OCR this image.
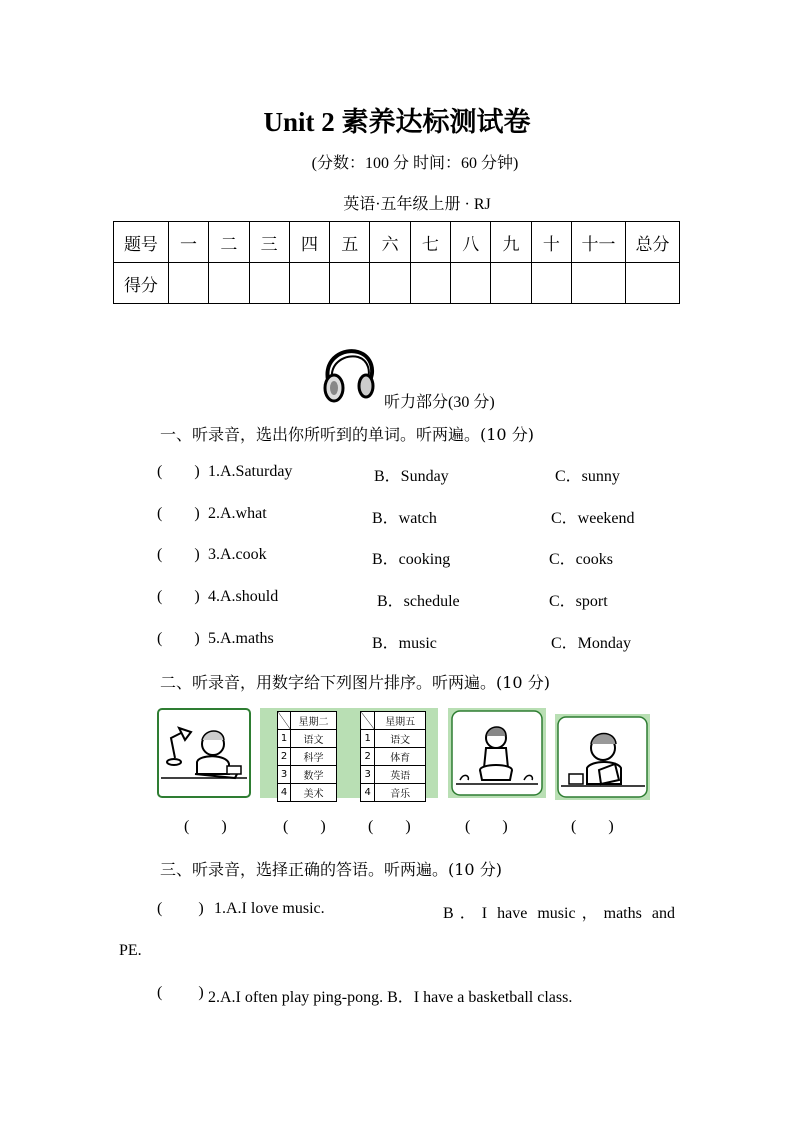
Unit 2 素养达标测试卷
(分数：100 分 时间：60 分钟)
英语·五年级上册 · RJ
题号	一	二	三	四	五	六	七	八	九	十	十一	总分
得分												
听力部分(30 分)
一、听录音，选出你所听到的单词。听两遍。(10 分)
(        ) 1.A.Saturday	B．Sunday	C．sunny
(        ) 2.A.what	B．watch	C．weekend
(        ) 3.A.cook	B．cooking	C．cooks
(        ) 4.A.should	B．schedule	C．sport
(        ) 5.A.maths	B．music	C．Monday
二、听录音，用数字给下列图片排序。听两遍。(10 分)
	星期二
1	语文
2	科学
3	数学
4	美术
	星期五
1	语文
2	体育
3	英语
4	音乐
(        )	(        )	(        )	(        )	(        )
三、听录音，选择正确的答语。听两遍。(10 分)
(         ) 1.A.I love music.	B．I have music，maths and
PE.
(         ) 2.A.I often play ping-pong. B．I have a basketball class.
